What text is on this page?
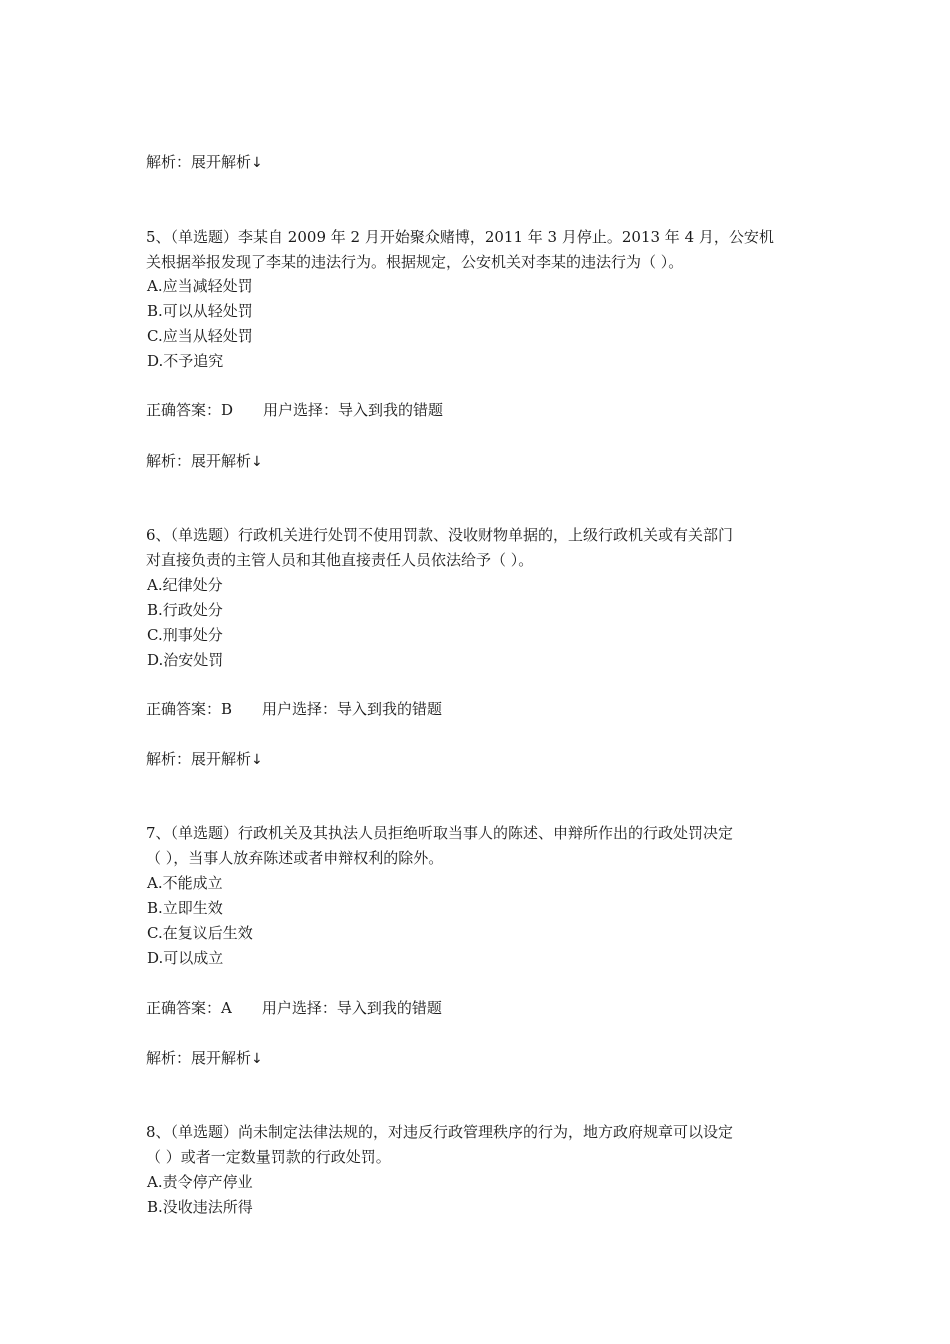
解析：展开解析↓
5、（单选题）李某自 2009 年 2 月开始聚众赌博，2011 年 3 月停止。2013 年 4 月，公安机
关根据举报发现了李某的违法行为。根据规定，公安机关对李某的违法行为（ ）。
A.应当减轻处罚
B.可以从轻处罚
C.应当从轻处罚
D.不予追究
正确答案：D 用户选择：导入到我的错题
解析：展开解析↓
6、（单选题）行政机关进行处罚不使用罚款、没收财物单据的，上级行政机关或有关部门
对直接负责的主管人员和其他直接责任人员依法给予（ ）。
A.纪律处分
B.行政处分
C.刑事处分
D.治安处罚
正确答案：B 用户选择：导入到我的错题
解析：展开解析↓
7、（单选题）行政机关及其执法人员拒绝听取当事人的陈述、申辩所作出的行政处罚决定
（ ），当事人放弃陈述或者申辩权利的除外。
A.不能成立
B.立即生效
C.在复议后生效
D.可以成立
正确答案：A 用户选择：导入到我的错题
解析：展开解析↓
8、（单选题）尚未制定法律法规的，对违反行政管理秩序的行为，地方政府规章可以设定
（ ）或者一定数量罚款的行政处罚。
A.责令停产停业
B.没收违法所得
